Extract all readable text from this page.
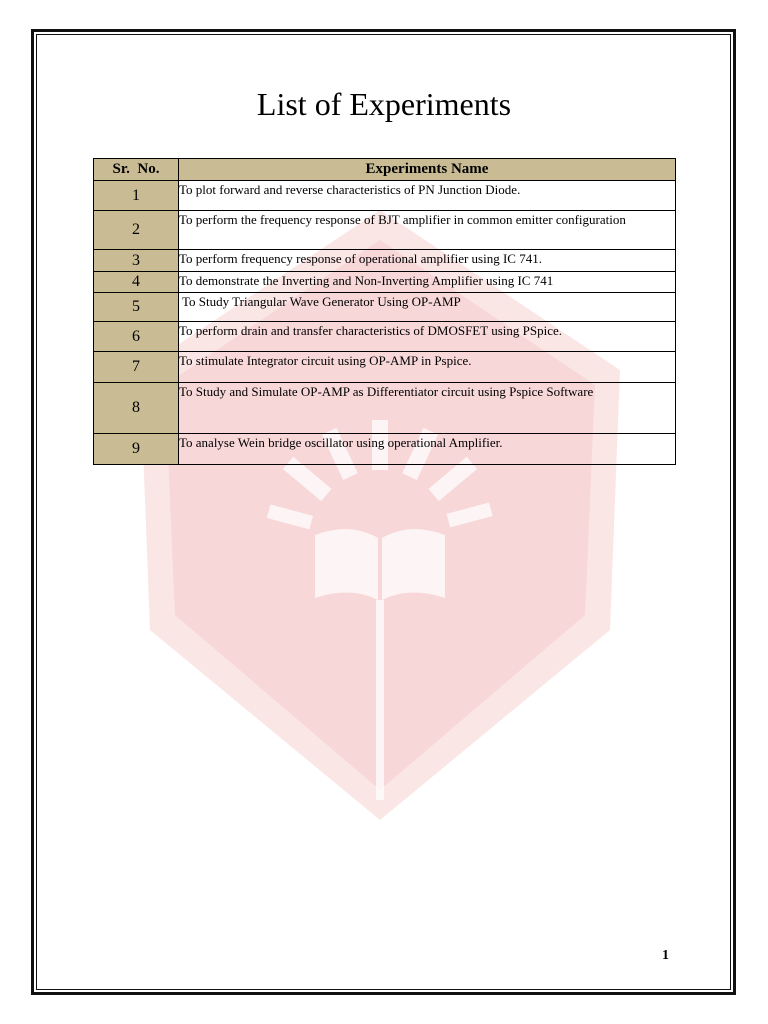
List of Experiments
Sr.  No.	Experiments Name
1	To plot forward and reverse characteristics of PN Junction Diode.
2	To perform the frequency response of BJT amplifier in common emitter configuration
3	To perform frequency response of operational amplifier using IC 741.
4	To demonstrate the Inverting and Non-Inverting Amplifier using IC 741
5	To Study Triangular Wave Generator Using OP-AMP
6	To perform drain and transfer characteristics of DMOSFET using PSpice.
7	To stimulate Integrator circuit using OP-AMP in Pspice.
8	To Study and Simulate OP-AMP as Differentiator circuit using Pspice Software
9	To analyse Wein bridge oscillator using operational Amplifier.
1
